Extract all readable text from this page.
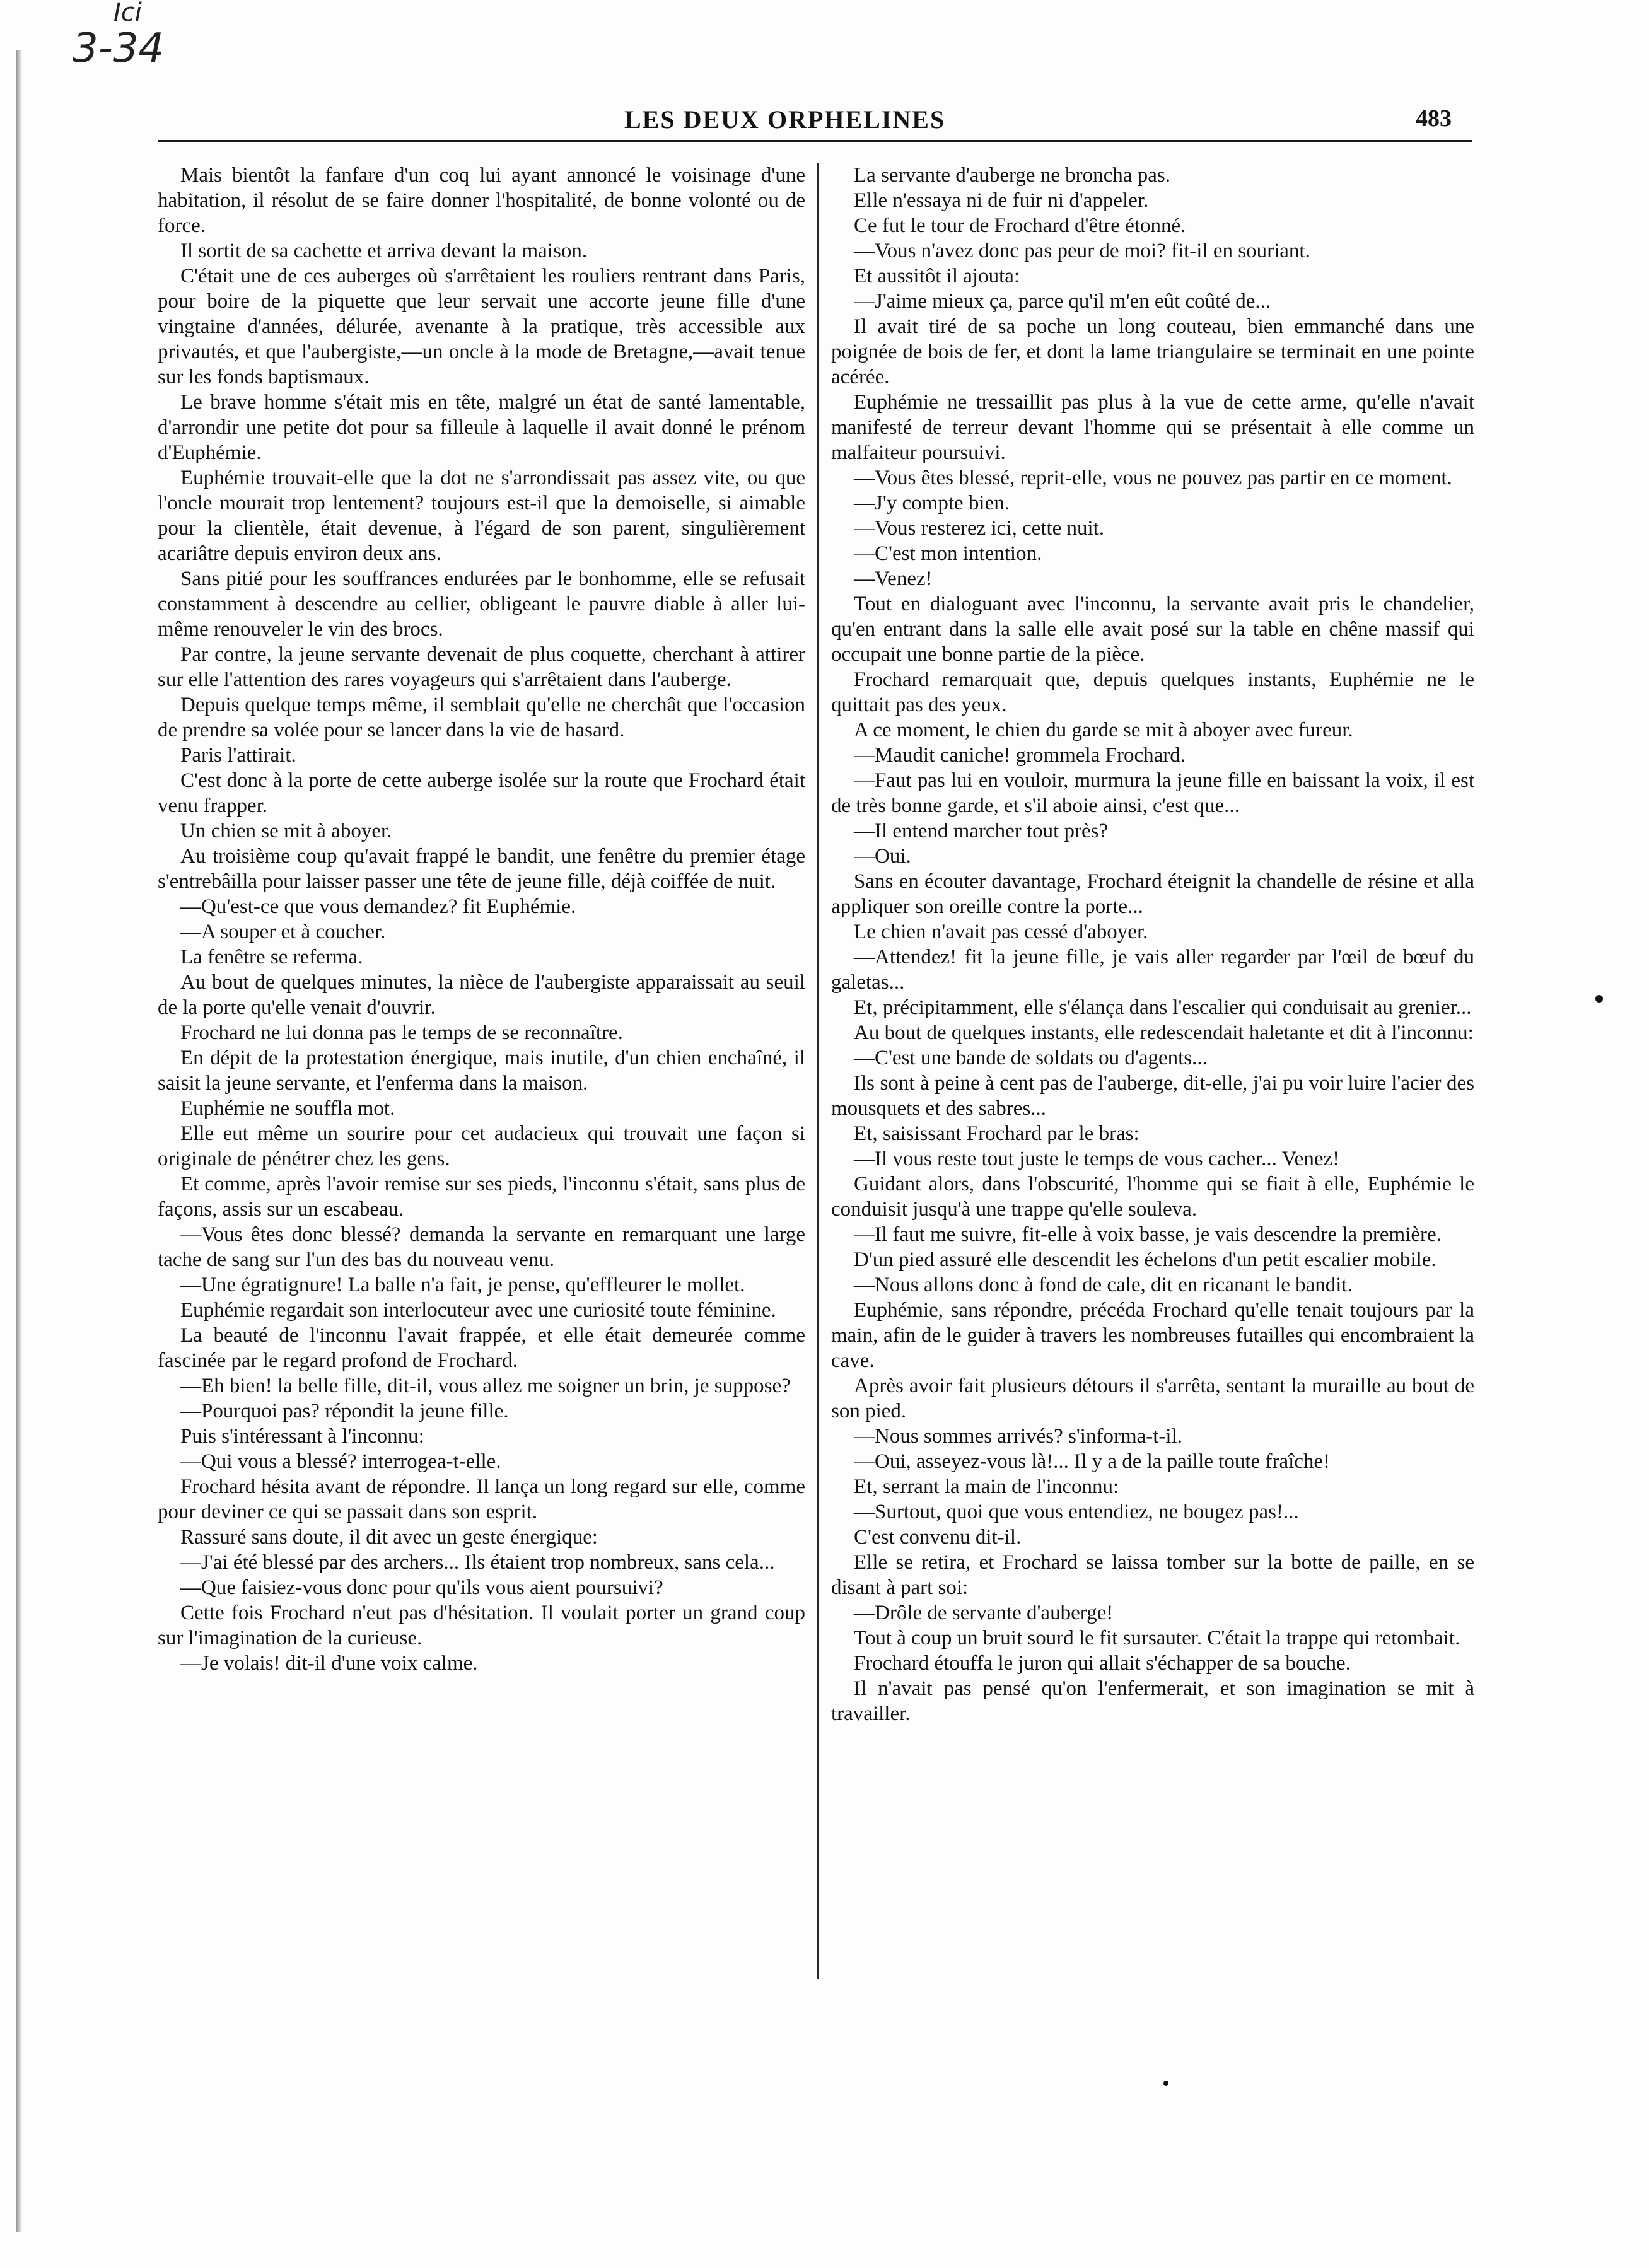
3-34
Ici
LES DEUX ORPHELINES	483

Mais bientôt la fanfare d'un coq lui ayant annoncé le voisinage d'une habitation, il résolut de se faire donner l'hospitalité, de bonne volonté ou de force.

Il sortit de sa cachette et arriva devant la maison.

C'était une de ces auberges où s'arrêtaient les rouliers rentrant dans Paris, pour boire de la piquette que leur servait une accorte jeune fille d'une vingtaine d'années, délurée, avenante à la pratique, très accessible aux privautés, et que l'aubergiste,—un oncle à la mode de Bretagne,—avait tenue sur les fonds baptismaux.

Le brave homme s'était mis en tête, malgré un état de santé lamentable, d'arrondir une petite dot pour sa filleule à laquelle il avait donné le prénom d'Euphémie.

Euphémie trouvait-elle que la dot ne s'arrondissait pas assez vite, ou que l'oncle mourait trop lentement? toujours est-il que la demoiselle, si aimable pour la clientèle, était devenue, à l'égard de son parent, singulièrement acariâtre depuis environ deux ans.

Sans pitié pour les souffrances endurées par le bonhomme, elle se refusait constamment à descendre au cellier, obligeant le pauvre diable à aller lui-même renouveler le vin des brocs.

Par contre, la jeune servante devenait de plus coquette, cherchant à attirer sur elle l'attention des rares voyageurs qui s'arrêtaient dans l'auberge.

Depuis quelque temps même, il semblait qu'elle ne cherchât que l'occasion de prendre sa volée pour se lancer dans la vie de hasard.

Paris l'attirait.

C'est donc à la porte de cette auberge isolée sur la route que Frochard était venu frapper.

Un chien se mit à aboyer.

Au troisième coup qu'avait frappé le bandit, une fenêtre du premier étage s'entrebâilla pour laisser passer une tête de jeune fille, déjà coiffée de nuit.

—Qu'est-ce que vous demandez? fit Euphémie.

—A souper et à coucher.

La fenêtre se referma.

Au bout de quelques minutes, la nièce de l'aubergiste apparaissait au seuil de la porte qu'elle venait d'ouvrir.

Frochard ne lui donna pas le temps de se reconnaître.

En dépit de la protestation énergique, mais inutile, d'un chien enchaîné, il saisit la jeune servante, et l'enferma dans la maison.

Euphémie ne souffla mot.

Elle eut même un sourire pour cet audacieux qui trouvait une façon si originale de pénétrer chez les gens.

Et comme, après l'avoir remise sur ses pieds, l'inconnu s'était, sans plus de façons, assis sur un escabeau.

—Vous êtes donc blessé? demanda la servante en remarquant une large tache de sang sur l'un des bas du nouveau venu.

—Une égratignure! La balle n'a fait, je pense, qu'effleurer le mollet.

Euphémie regardait son interlocuteur avec une curiosité toute féminine.

La beauté de l'inconnu l'avait frappée, et elle était demeurée comme fascinée par le regard profond de Frochard.

—Eh bien! la belle fille, dit-il, vous allez me soigner un brin, je suppose?

—Pourquoi pas? répondit la jeune fille.

Puis s'intéressant à l'inconnu:

—Qui vous a blessé? interrogea-t-elle.

Frochard hésita avant de répondre. Il lança un long regard sur elle, comme pour deviner ce qui se passait dans son esprit.

Rassuré sans doute, il dit avec un geste énergique:

—J'ai été blessé par des archers... Ils étaient trop nombreux, sans cela...

—Que faisiez-vous donc pour qu'ils vous aient poursuivi?

Cette fois Frochard n'eut pas d'hésitation. Il voulait porter un grand coup sur l'imagination de la curieuse.

—Je volais! dit-il d'une voix calme.

La servante d'auberge ne broncha pas.

Elle n'essaya ni de fuir ni d'appeler.

Ce fut le tour de Frochard d'être étonné.

—Vous n'avez donc pas peur de moi? fit-il en souriant.

Et aussitôt il ajouta:

—J'aime mieux ça, parce qu'il m'en eût coûté de...

Il avait tiré de sa poche un long couteau, bien emmanché dans une poignée de bois de fer, et dont la lame triangulaire se terminait en une pointe acérée.

Euphémie ne tressaillit pas plus à la vue de cette arme, qu'elle n'avait manifesté de terreur devant l'homme qui se présentait à elle comme un malfaiteur poursuivi.

—Vous êtes blessé, reprit-elle, vous ne pouvez pas partir en ce moment.

—J'y compte bien.

—Vous resterez ici, cette nuit.

—C'est mon intention.

—Venez!

Tout en dialoguant avec l'inconnu, la servante avait pris le chandelier, qu'en entrant dans la salle elle avait posé sur la table en chêne massif qui occupait une bonne partie de la pièce.

Frochard remarquait que, depuis quelques instants, Euphémie ne le quittait pas des yeux.

A ce moment, le chien du garde se mit à aboyer avec fureur.

—Maudit caniche! grommela Frochard.

—Faut pas lui en vouloir, murmura la jeune fille en baissant la voix, il est de très bonne garde, et s'il aboie ainsi, c'est que...

—Il entend marcher tout près?

—Oui.

Sans en écouter davantage, Frochard éteignit la chandelle de résine et alla appliquer son oreille contre la porte...

Le chien n'avait pas cessé d'aboyer.

—Attendez! fit la jeune fille, je vais aller regarder par l'œil de bœuf du galetas...

Et, précipitamment, elle s'élança dans l'escalier qui conduisait au grenier...

Au bout de quelques instants, elle redescendait haletante et dit à l'inconnu:

—C'est une bande de soldats ou d'agents...

Ils sont à peine à cent pas de l'auberge, dit-elle, j'ai pu voir luire l'acier des mousquets et des sabres...

Et, saisissant Frochard par le bras:

—Il vous reste tout juste le temps de vous cacher... Venez!

Guidant alors, dans l'obscurité, l'homme qui se fiait à elle, Euphémie le conduisit jusqu'à une trappe qu'elle souleva.

—Il faut me suivre, fit-elle à voix basse, je vais descendre la première.

D'un pied assuré elle descendit les échelons d'un petit escalier mobile.

—Nous allons donc à fond de cale, dit en ricanant le bandit.

Euphémie, sans répondre, précéda Frochard qu'elle tenait toujours par la main, afin de le guider à travers les nombreuses futailles qui encombraient la cave.

Après avoir fait plusieurs détours il s'arrêta, sentant la muraille au bout de son pied.

—Nous sommes arrivés? s'informa-t-il.

—Oui, asseyez-vous là!... Il y a de la paille toute fraîche!

Et, serrant la main de l'inconnu:

—Surtout, quoi que vous entendiez, ne bougez pas!...

C'est convenu dit-il.

Elle se retira, et Frochard se laissa tomber sur la botte de paille, en se disant à part soi:

—Drôle de servante d'auberge!

Tout à coup un bruit sourd le fit sursauter. C'était la trappe qui retombait.

Frochard étouffa le juron qui allait s'échapper de sa bouche.

Il n'avait pas pensé qu'on l'enfermerait, et son imagination se mit à travailler.
